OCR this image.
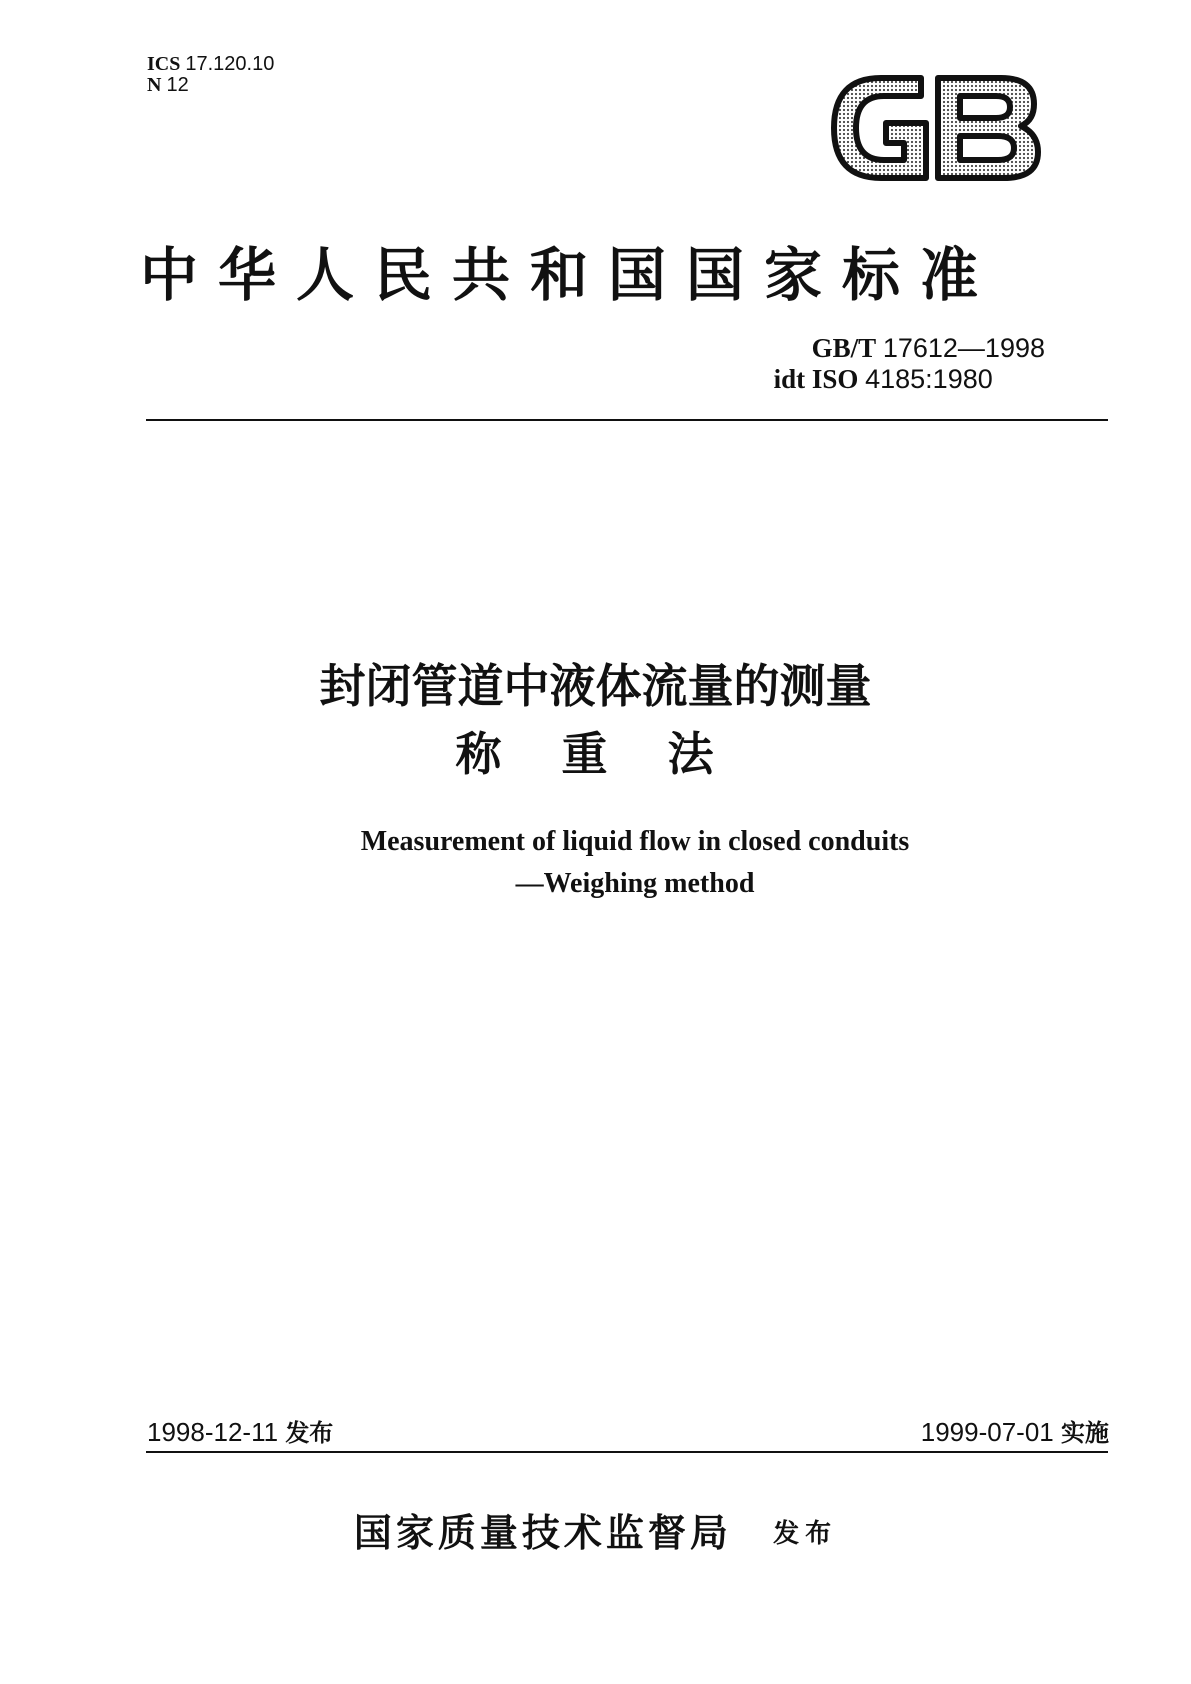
ICS 17.120.10
N 12
中华人民共和国国家标准
GB/T 17612—1998
idt ISO 4185:1980
封闭管道中液体流量的测量
称 重 法
Measurement of liquid flow in closed conduits
—Weighing method
1998-12-11 发布	1999-07-01 实施
国家质量技术监督局 发布
